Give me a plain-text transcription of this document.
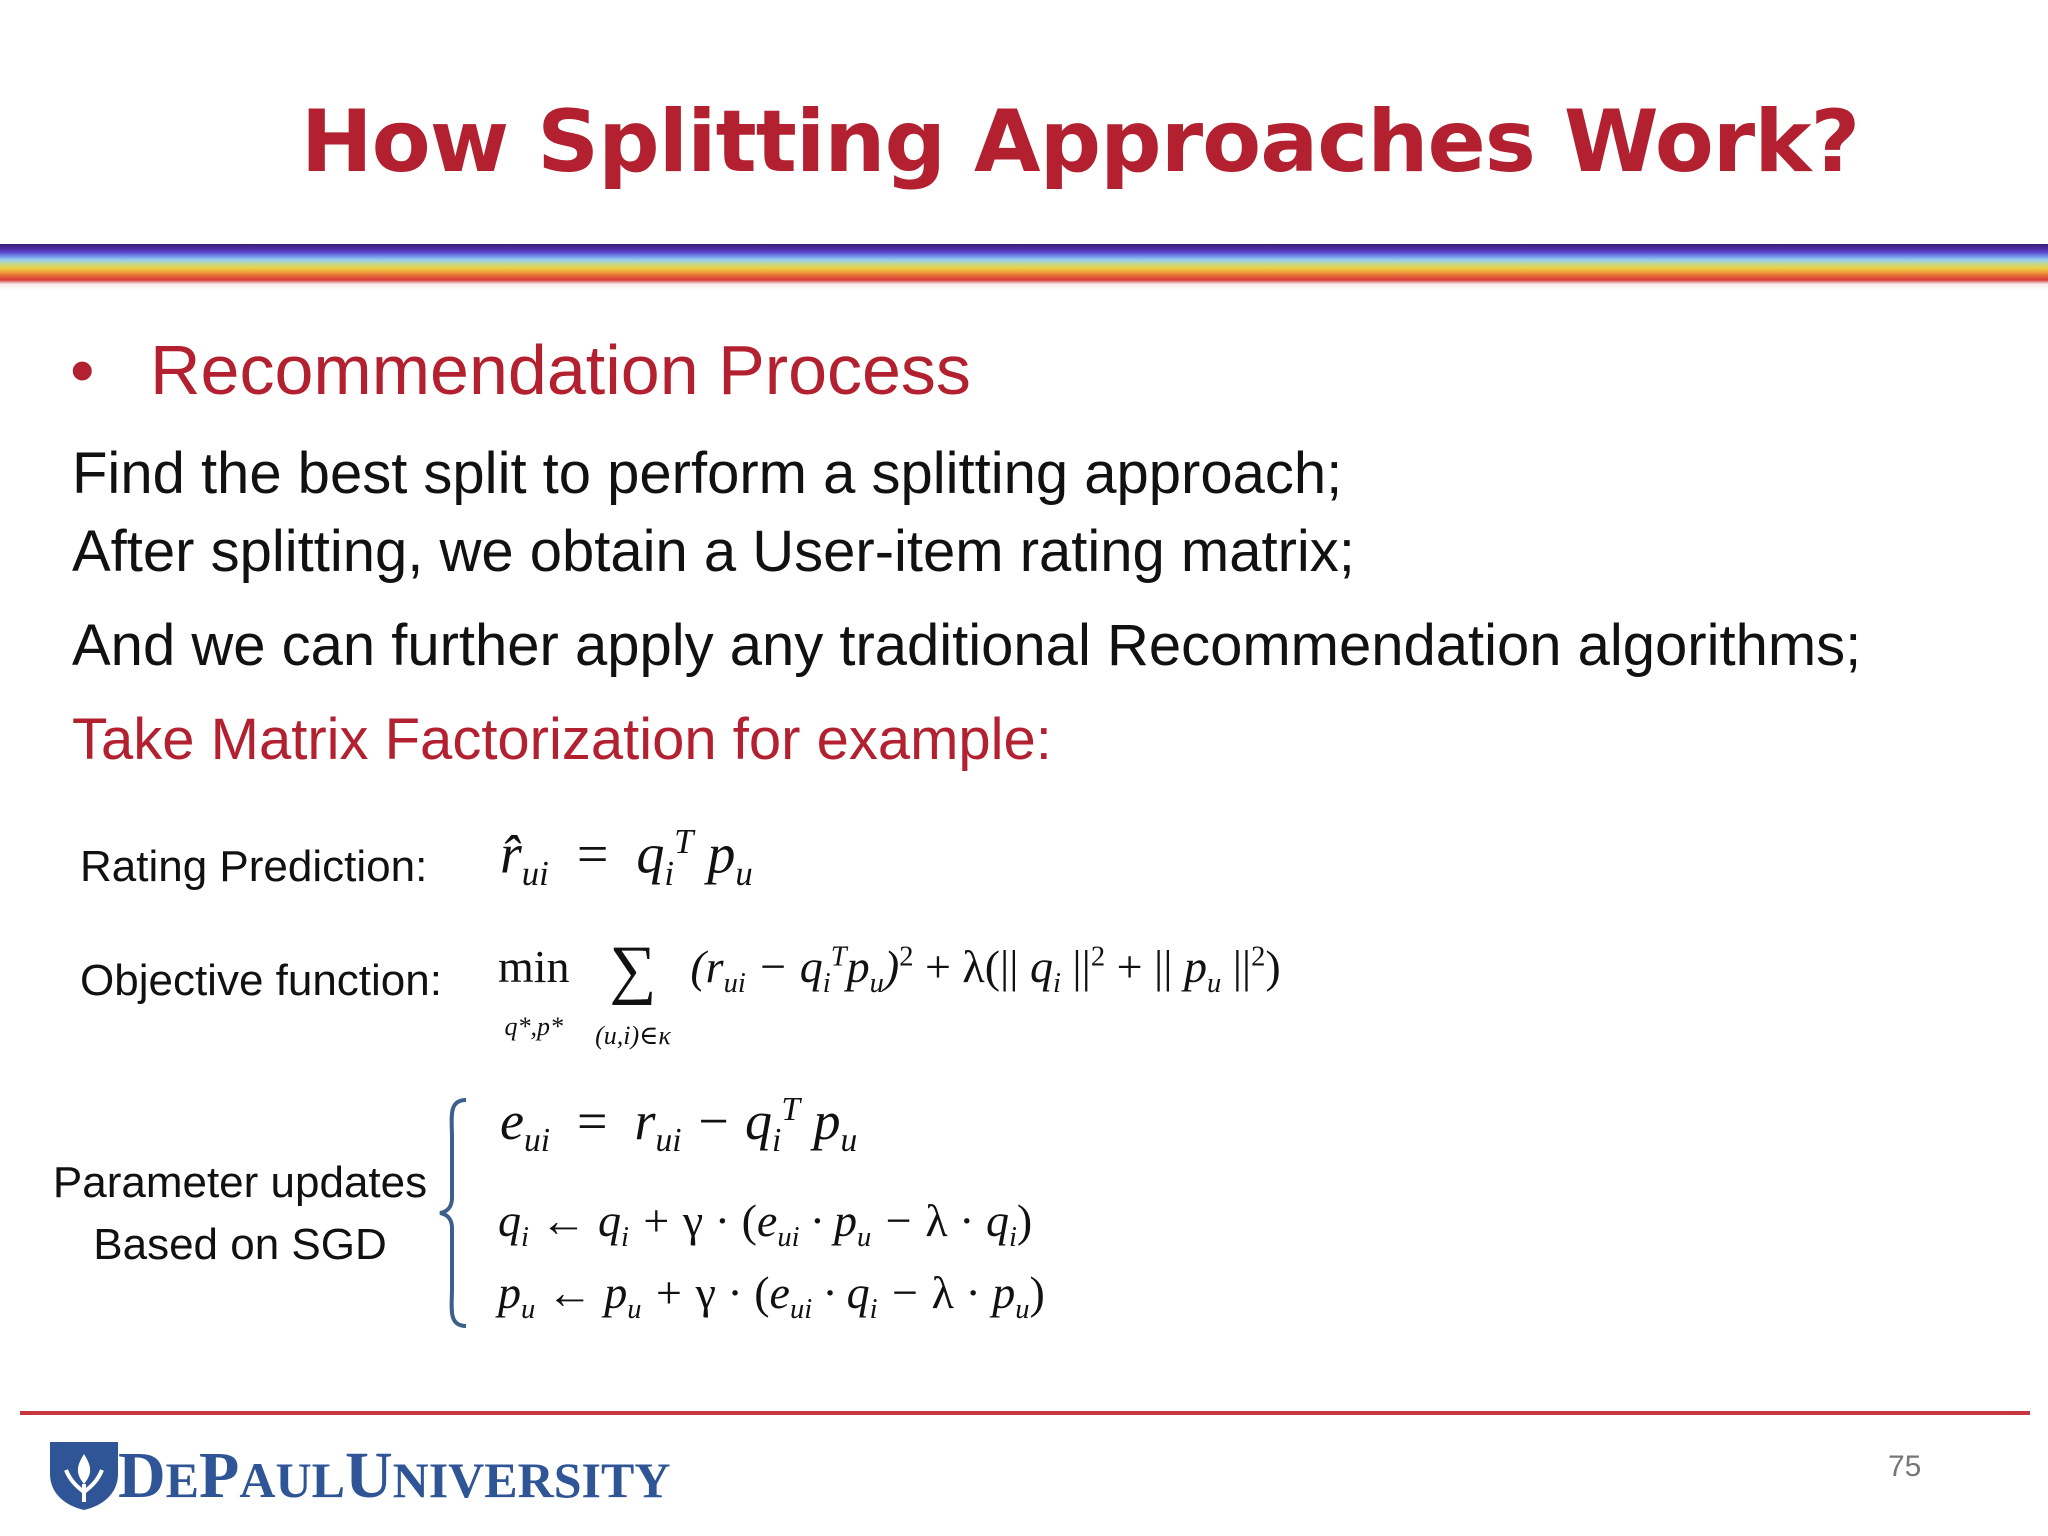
How Splitting Approaches Work?
• Recommendation Process
Find the best split to perform a splitting approach;
After splitting, we obtain a User-item rating matrix;
And we can further apply any traditional Recommendation algorithms;
Take Matrix Factorization for example:
Rating Prediction: $r̂_{ui} = q_i^T$ $p_u$
Objective function: min
q*,p* ∑
(u,i)∈κ $(r_{ui} - q_i^Tp_u)^2 + \lambda(||$ $q_i$ $||^2$ + || $p_u$ $||^2$)
Parameter updates
Based on SGD
$e_{ui} = r_{ui} - q_i^T$ $p_u$
$q_i$ ← $q_i + \gamma \cdot (e_{ui} \cdot p_u - \lambda \cdot q_i)$
$p_u$ ← $p_u + \gamma \cdot (e_{ui} \cdot q_i - \lambda \cdot p_u)$
DEPAULUNIVERSITY	75
